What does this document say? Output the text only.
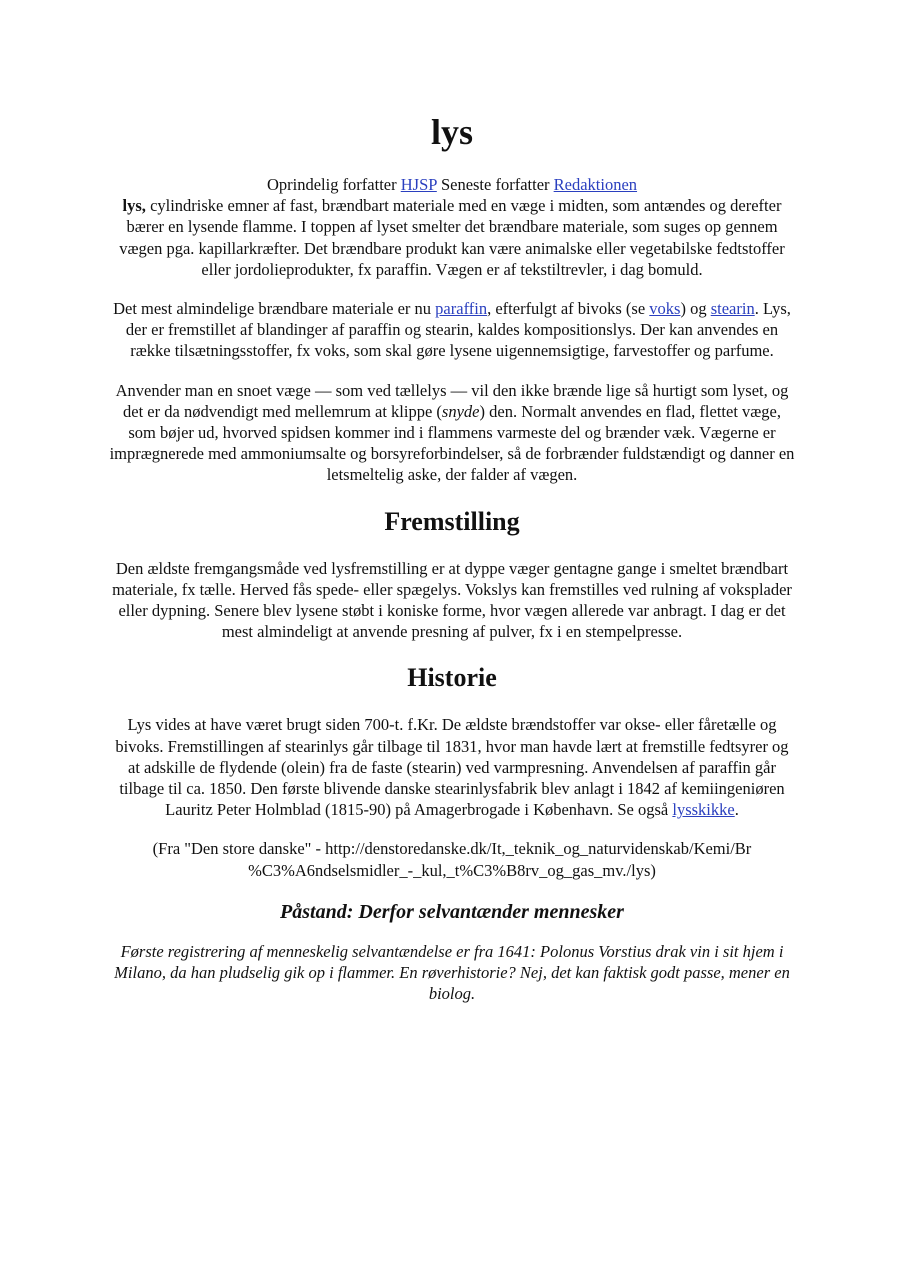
lys
Oprindelig forfatter HJSP Seneste forfatter Redaktionen

lys, cylindriske emner af fast, brændbart materiale med en væge i midten, som antændes og derefter bærer en lysende flamme. I toppen af lyset smelter det brændbare materiale, som suges op gennem vægen pga. kapillarkræfter. Det brændbare produkt kan være animalske eller vegetabilske fedtstoffer eller jordolieprodukter, fx paraffin. Vægen er af tekstiltrevler, i dag bomuld.

Det mest almindelige brændbare materiale er nu paraffin, efterfulgt af bivoks (se voks) og stearin. Lys, der er fremstillet af blandinger af paraffin og stearin, kaldes kompositionslys. Der kan anvendes en række tilsætningsstoffer, fx voks, som skal gøre lysene uigennemsigtige, farvestoffer og parfume.

Anvender man en snoet væge — som ved tællelys — vil den ikke brænde lige så hurtigt som lyset, og det er da nødvendigt med mellemrum at klippe (snyde) den. Normalt anvendes en flad, flettet væge, som bøjer ud, hvorved spidsen kommer ind i flammens varmeste del og brænder væk. Vægerne er imprægnerede med ammoniumsalte og borsyreforbindelser, så de forbrænder fuldstændigt og danner en letsmeltelig aske, der falder af vægen.

Fremstilling

Den ældste fremgangsmåde ved lysfremstilling er at dyppe væger gentagne gange i smeltet brændbart materiale, fx tælle. Herved fås spede- eller spægelys. Vokslys kan fremstilles ved rulning af voksplader eller dypning. Senere blev lysene støbt i koniske forme, hvor vægen allerede var anbragt. I dag er det mest almindeligt at anvende presning af pulver, fx i en stempelpresse.

Historie

Lys vides at have været brugt siden 700-t. f.Kr. De ældste brændstoffer var okse- eller fåretælle og bivoks. Fremstillingen af stearinlys går tilbage til 1831, hvor man havde lært at fremstille fedtsyrer og at adskille de flydende (olein) fra de faste (stearin) ved varmpresning. Anvendelsen af paraffin går tilbage til ca. 1850. Den første blivende danske stearinlysfabrik blev anlagt i 1842 af kemiingeniøren Lauritz Peter Holmblad (1815-90) på Amagerbrogade i København. Se også lysskikke.

(Fra "Den store danske" - http://denstoredanske.dk/It,_teknik_og_naturvidenskab/Kemi/Br
%C3%A6ndselsmidler_-_kul,_t%C3%B8rv_og_gas_mv./lys)

Påstand: Derfor selvantænder mennesker

Første registrering af menneskelig selvantændelse er fra 1641: Polonus Vorstius drak vin i sit hjem i Milano, da han pludselig gik op i flammer. En røverhistorie? Nej, det kan faktisk godt passe, mener en biolog.
